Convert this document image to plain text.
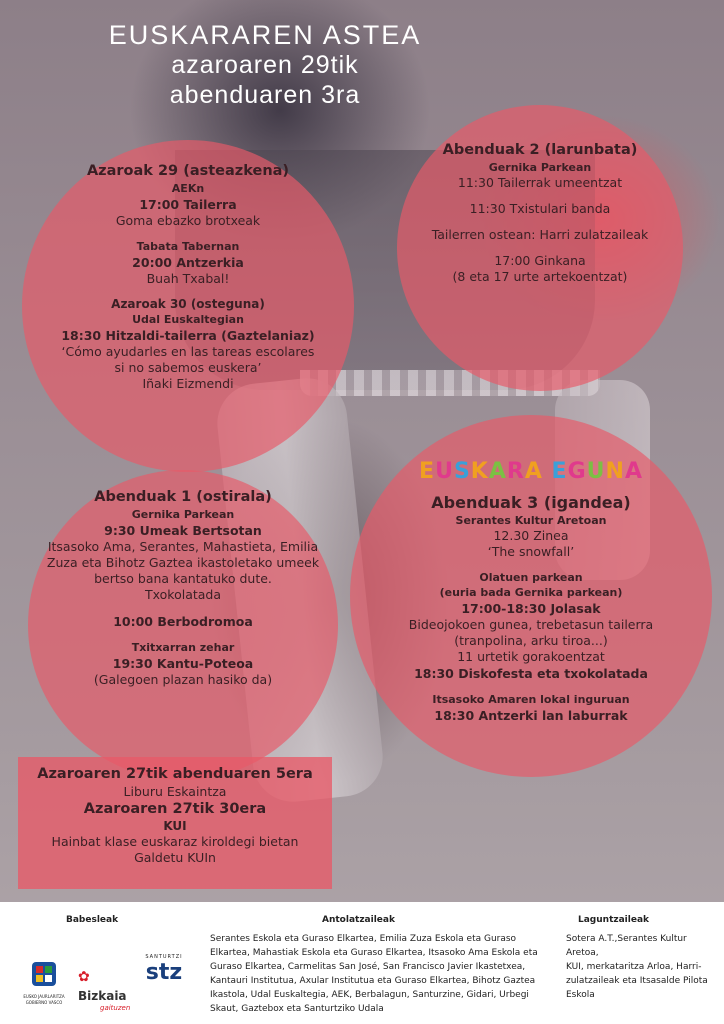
EUSKARAREN ASTEA
azaroaren 29tik
abenduaren 3ra
Azaroak 29 (asteazkena)
AEKn
17:00 Tailerra
Goma ebazko brotxeak
Tabata Tabernan
20:00 Antzerkia
Buah Txabal!
Azaroak 30 (osteguna)
Udal Euskaltegian
18:30 Hitzaldi-tailerra (Gaztelaniaz)
‘Cómo ayudarles en las tareas escolares
si no sabemos euskera’
Iñaki Eizmendi
Abenduak 2 (larunbata)
Gernika Parkean
11:30 Tailerrak umeentzat
11:30 Txistulari banda
Tailerren ostean: Harri zulatzaileak
17:00 Ginkana
(8 eta 17 urte artekoentzat)
Abenduak 1 (ostirala)
Gernika Parkean
9:30 Umeak Bertsotan
Itsasoko Ama, Serantes, Mahastieta, Emilia
Zuza eta Bihotz Gaztea ikastoletako umeek
bertso bana kantatuko dute.
Txokolatada
10:00 Berbodromoa
Txitxarran zehar
19:30 Kantu-Poteoa
(Galegoen plazan hasiko da)
EUSKARA EGUNA
Abenduak 3 (igandea)
Serantes Kultur Aretoan
12.30 Zinea
‘The snowfall’
Olatuen parkean
(euria bada Gernika parkean)
17:00-18:30 Jolasak
Bideojokoen gunea, trebetasun tailerra
(tranpolina, arku tiroa...)
11 urtetik gorakoentzat
18:30 Diskofesta eta txokolatada
Itsasoko Amaren lokal inguruan
18:30 Antzerki lan laburrak
Azaroaren 27tik abenduaren 5era
Liburu Eskaintza
Azaroaren 27tik 30era
KUI
Hainbat klase euskaraz kiroldegi bietan
Galdetu KUIn
Babesleak	Antolatzaileak	Laguntzaileak
Serantes Eskola eta Guraso Elkartea, Emilia Zuza Eskola eta Guraso
Elkartea, Mahastiak Eskola eta Guraso Elkartea, Itsasoko Ama Eskola eta
Guraso Elkartea, Carmelitas San José, San Francisco Javier Ikastetxea,
Kantauri Institutua, Axular Institutua eta Guraso Elkartea, Bihotz Gaztea
Ikastola, Udal Euskaltegia, AEK, Berbalagun, Santurzine, Gidari, Urbegi
Skaut, Gaztebox eta Santurtziko Udala
Sotera A.T.,Serantes Kultur Aretoa,
KUI, merkataritza Arloa, Harri-
zulatzaileak eta Itsasalde Pilota
Eskola
EUSKO JAURLARITZA
GOBIERNO VASCO
✿ Bizkaia
gaituzen
SANTURTZI
stz
